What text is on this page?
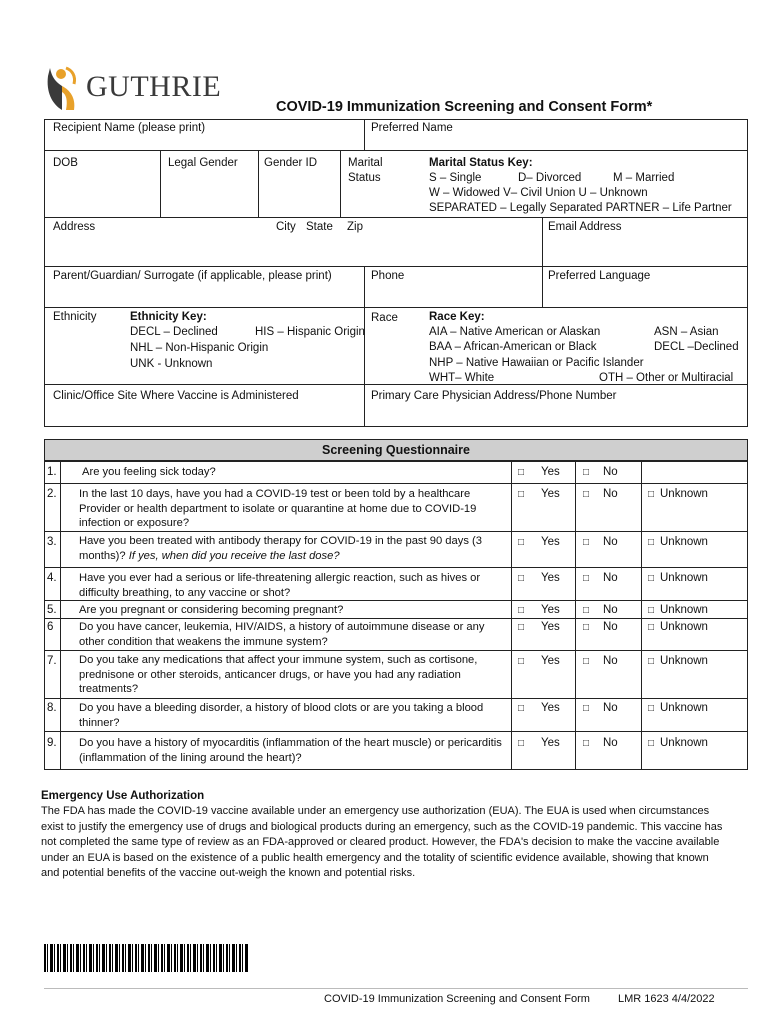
GUTHRIE
COVID-19 Immunization Screening and Consent Form*
Recipient Name (please print)	Preferred Name
DOB	Legal Gender Gender ID	Marital Status
Marital Status Key:
S – Single	D– Divorced	M – Married
W – Widowed V– Civil Union U – Unknown
SEPARATED – Legally Separated PARTNER – Life Partner
Address	City State Zip	Email Address
Parent/Guardian/ Surrogate (if applicable, please print)	Phone	Preferred Language
Ethnicity	Ethnicity Key:
DECL – Declined	HIS – Hispanic Origin
NHL – Non-Hispanic Origin
UNK - Unknown
Race	Race Key:
AIA – Native American or Alaskan	ASN – Asian
BAA – African-American or Black	DECL –Declined
NHP – Native Hawaiian or Pacific Islander
WHT– White	OTH – Other or Multiracial
Clinic/Office Site Where Vaccine is Administered	Primary Care Physician Address/Phone Number
Screening Questionnaire
1. Are you feeling sick today?	□ Yes □ No
2. In the last 10 days, have you had a COVID-19 test or been told by a healthcare Provider or health department to isolate or quarantine at home due to COVID-19 infection or exposure?
□ Yes □ No	□ Unknown
3. Have you been treated with antibody therapy for COVID-19 in the past 90 days (3 months)? If yes, when did you receive the last dose?
□ Yes □ No	□ Unknown
4. Have you ever had a serious or life-threatening allergic reaction, such as hives or difficulty breathing, to any vaccine or shot?
□ Yes □ No	□ Unknown
5. Are you pregnant or considering becoming pregnant?	□ Yes □ No	□ Unknown
6 Do you have cancer, leukemia, HIV/AIDS, a history of autoimmune disease or any other condition that weakens the immune system?
□ Yes □ No	□ Unknown
7. Do you take any medications that affect your immune system, such as cortisone, prednisone or other steroids, anticancer drugs, or have you had any radiation treatments?
□ Yes □ No	□ Unknown
8. Do you have a bleeding disorder, a history of blood clots or are you taking a blood thinner?
□ Yes □ No	□ Unknown
9. Do you have a history of myocarditis (inflammation of the heart muscle) or pericarditis (inflammation of the lining around the heart)?
□ Yes □ No	□ Unknown
Emergency Use Authorization
The FDA has made the COVID-19 vaccine available under an emergency use authorization (EUA). The EUA is used when circumstances exist to justify the emergency use of drugs and biological products during an emergency, such as the COVID-19 pandemic. This vaccine has not completed the same type of review as an FDA-approved or cleared product. However, the FDA's decision to make the vaccine available under an EUA is based on the existence of a public health emergency and the totality of scientific evidence available, showing that known and potential benefits of the vaccine out-weigh the known and potential risks.
COVID-19 Immunization Screening and Consent Form	LMR 1623 4/4/2022
